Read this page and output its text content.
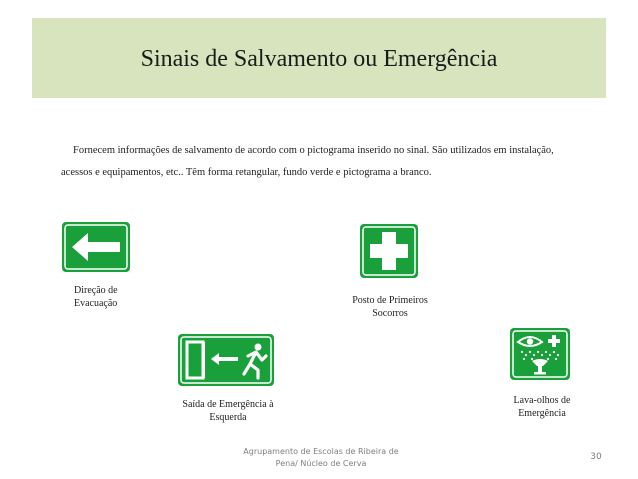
Sinais de Salvamento ou Emergência
Fornecem informações de salvamento de acordo com o pictograma inserido no sinal. São utilizados em instalação,
acessos e equipamentos, etc.. Têm forma retangular, fundo verde e pictograma a branco.
Direção de
Evacuação	Posto de Primeiros
Socorros
Saída de Emergência à
Esquerda
Lava-olhos de
Emergência
Agrupamento de Escolas de Ribeira de
Pena/ Núcleo de Cerva
30
